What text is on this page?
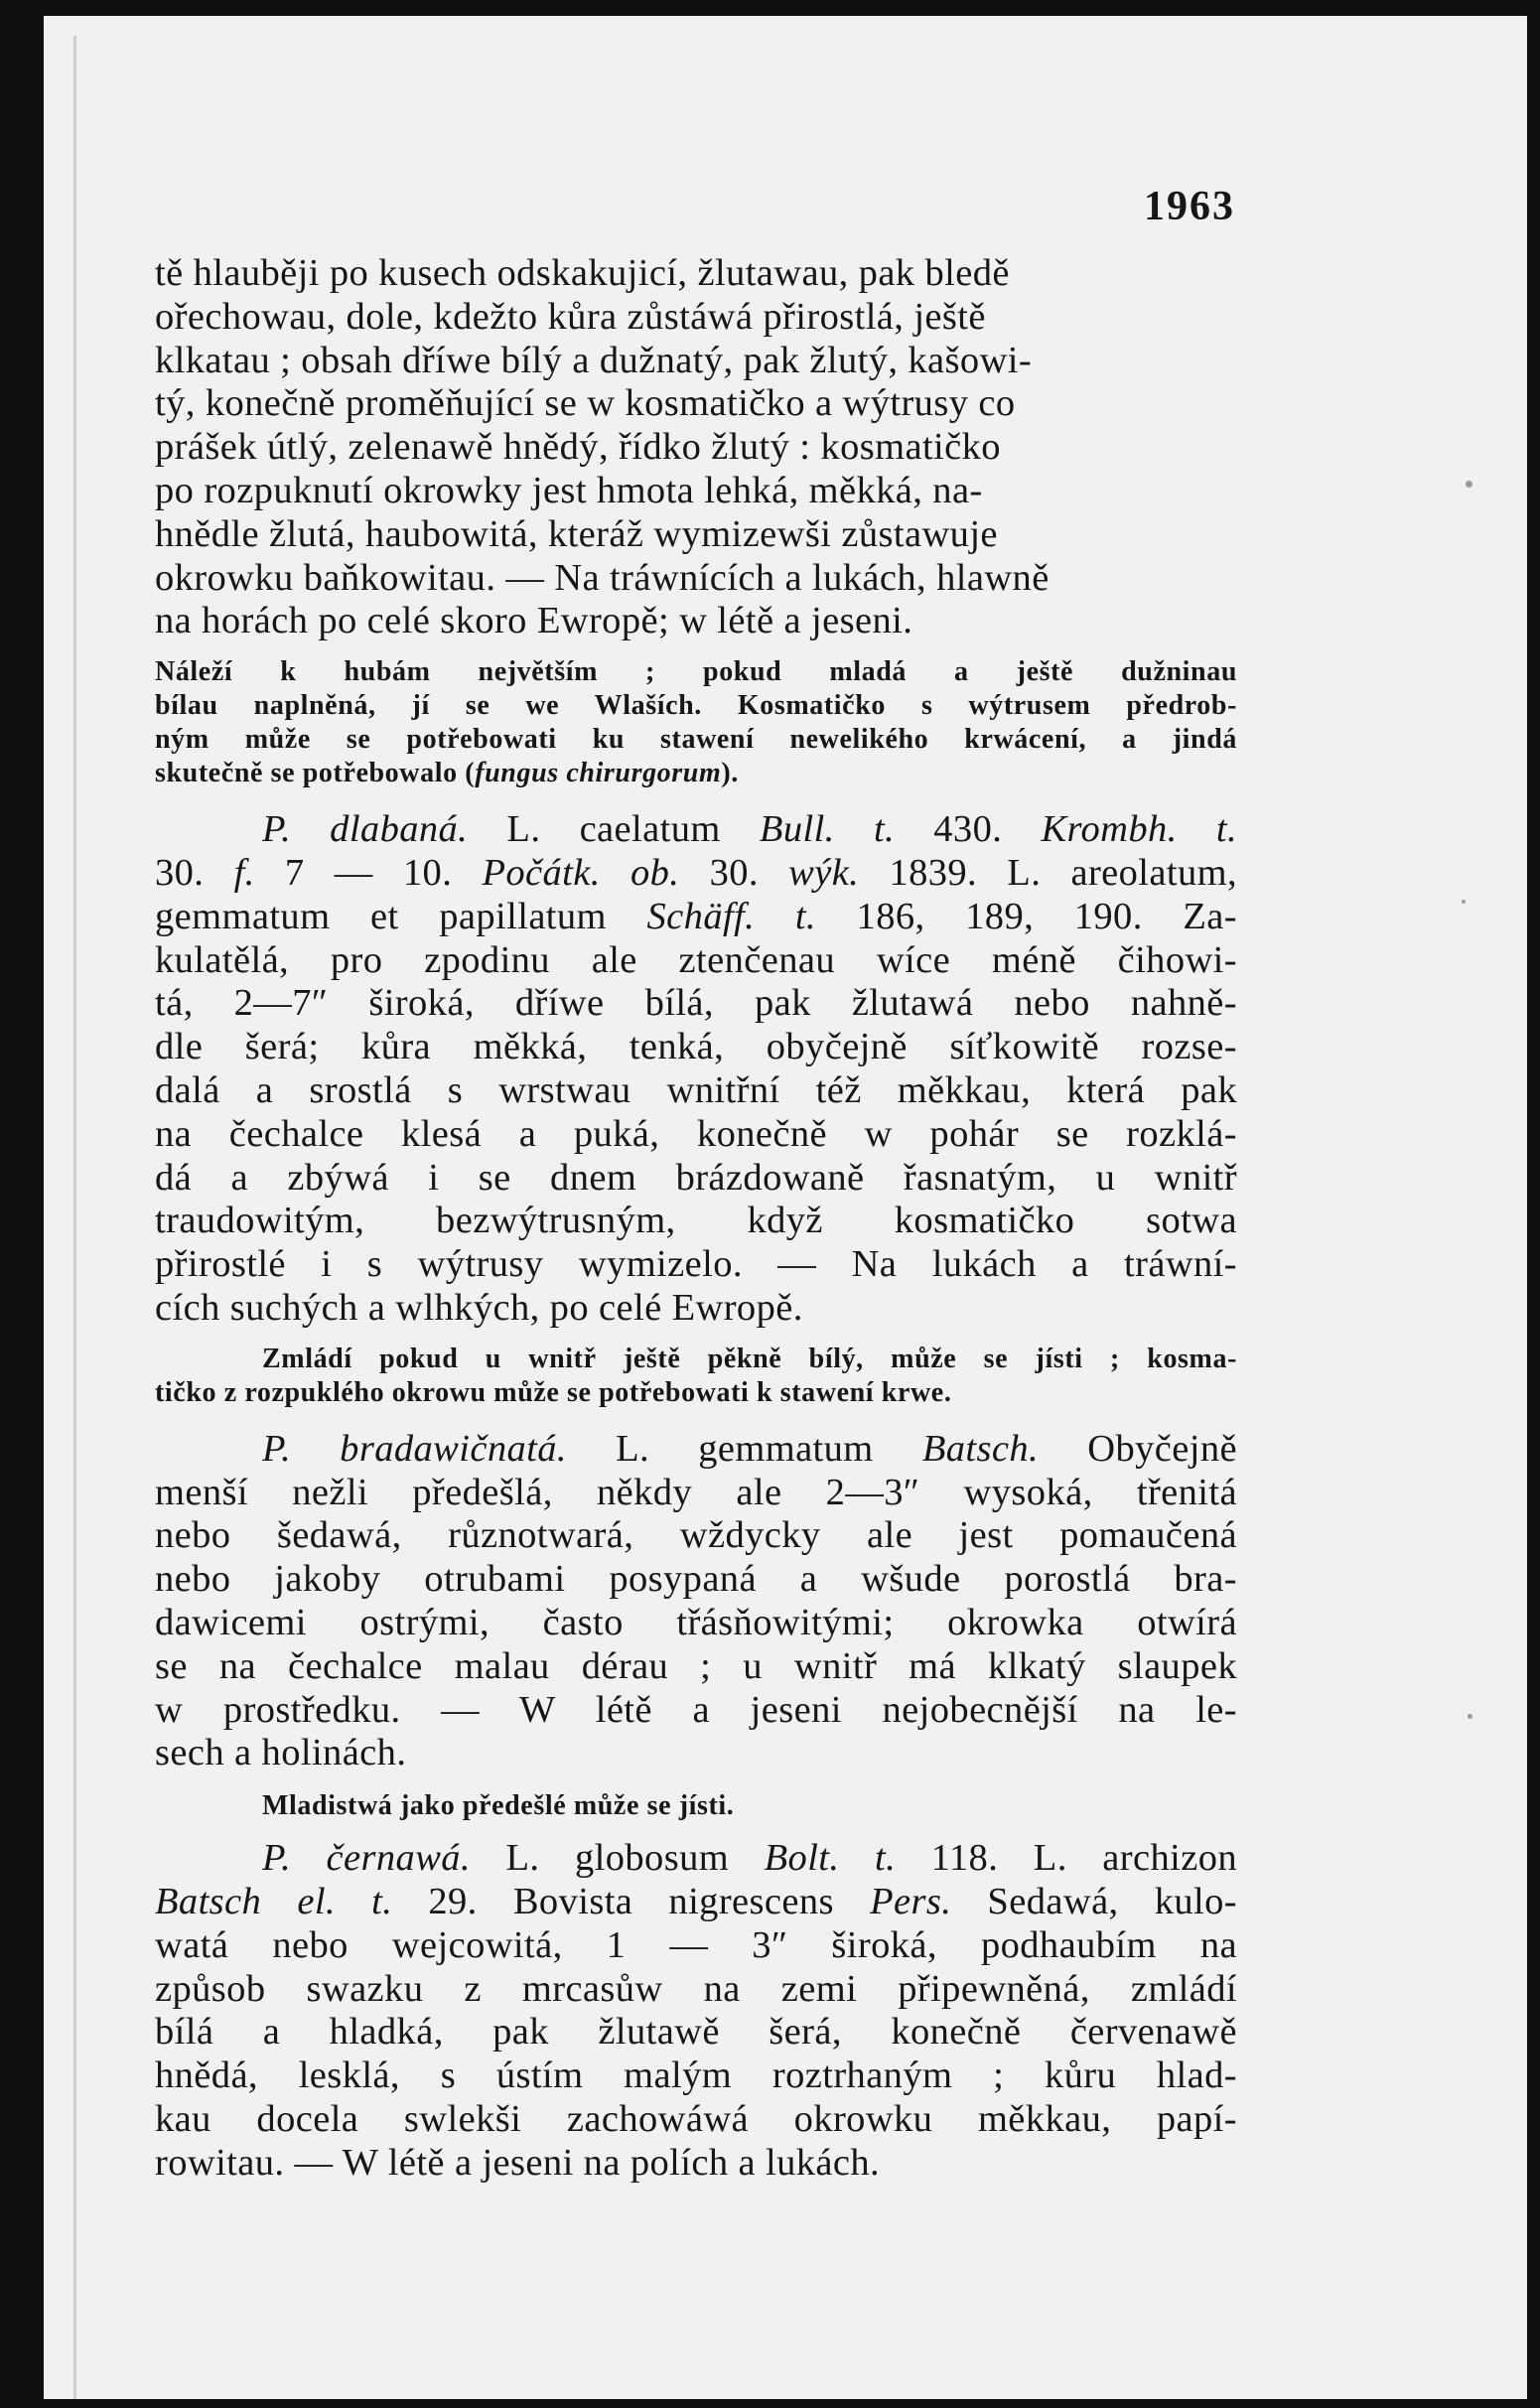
1963
tě hlauběji po kusech odskakujicí, žlutawau, pak bledě
ořechowau, dole, kdežto kůra zůstáwá přirostlá, ještě
klkatau ; obsah dříwe bílý a dužnatý, pak žlutý, kašowi-
tý, konečně proměňující se w kosmatičko a wýtrusy co
prášek útlý, zelenawě hnědý, řídko žlutý : kosmatičko
po rozpuknutí okrowky jest hmota lehká, měkká, na-
hnědle žlutá, haubowitá, kteráž wymizewši zůstawuje
okrowku baňkowitau. — Na tráwnících a lukách, hlawně
na horách po celé skoro Ewropě; w létě a jeseni.
Náleží k hubám největším ; pokud mladá a ještě dužninau
bílau naplněná, jí se we Wlaších. Kosmatičko s wýtrusem předrob-
ným může se potřebowati ku stawení newelikého krwácení, a jindá
skutečně se potřebowalo (fungus chirurgorum).
P. dlabaná. L. caelatum Bull. t. 430. Krombh. t.
30. f. 7 — 10. Počátk. ob. 30. wýk. 1839. L. areolatum,
gemmatum et papillatum Schäff. t. 186, 189, 190. Za-
kulatělá, pro zpodinu ale ztenčenau wíce méně čihowi-
tá, 2—7″ široká, dříwe bílá, pak žlutawá nebo nahně-
dle šerá; kůra měkká, tenká, obyčejně síťkowitě rozse-
dalá a srostlá s wrstwau wnitřní též měkkau, která pak
na čechalce klesá a puká, konečně w pohár se rozklá-
dá a zbýwá i se dnem brázdowaně řasnatým, u wnitř
traudowitým, bezwýtrusným, když kosmatičko sotwa
přirostlé i s wýtrusy wymizelo. — Na lukách a tráwní-
cích suchých a wlhkých, po celé Ewropě.
Zmládí pokud u wnitř ještě pěkně bílý, může se jísti ; kosma-
tičko z rozpuklého okrowu může se potřebowati k stawení krwe.
P. bradawičnatá. L. gemmatum Batsch. Obyčejně
menší nežli předešlá, někdy ale 2—3″ wysoká, třenitá
nebo šedawá, různotwará, wždycky ale jest pomaučená
nebo jakoby otrubami posypaná a wšude porostlá bra-
dawicemi ostrými, často třásňowitými; okrowka otwírá
se na čechalce malau dérau ; u wnitř má klkatý slaupek
w prostředku. — W létě a jeseni nejobecnější na le-
sech a holinách.
Mladistwá jako předešlé může se jísti.
P. černawá. L. globosum Bolt. t. 118. L. archizon
Batsch el. t. 29. Bovista nigrescens Pers. Sedawá, kulo-
watá nebo wejcowitá, 1 — 3″ široká, podhaubím na
způsob swazku z mrcasůw na zemi připewněná, zmládí
bílá a hladká, pak žlutawě šerá, konečně červenawě
hnědá, lesklá, s ústím malým roztrhaným ; kůru hlad-
kau docela swlekši zachowáwá okrowku měkkau, papí-
rowitau. — W létě a jeseni na polích a lukách.
